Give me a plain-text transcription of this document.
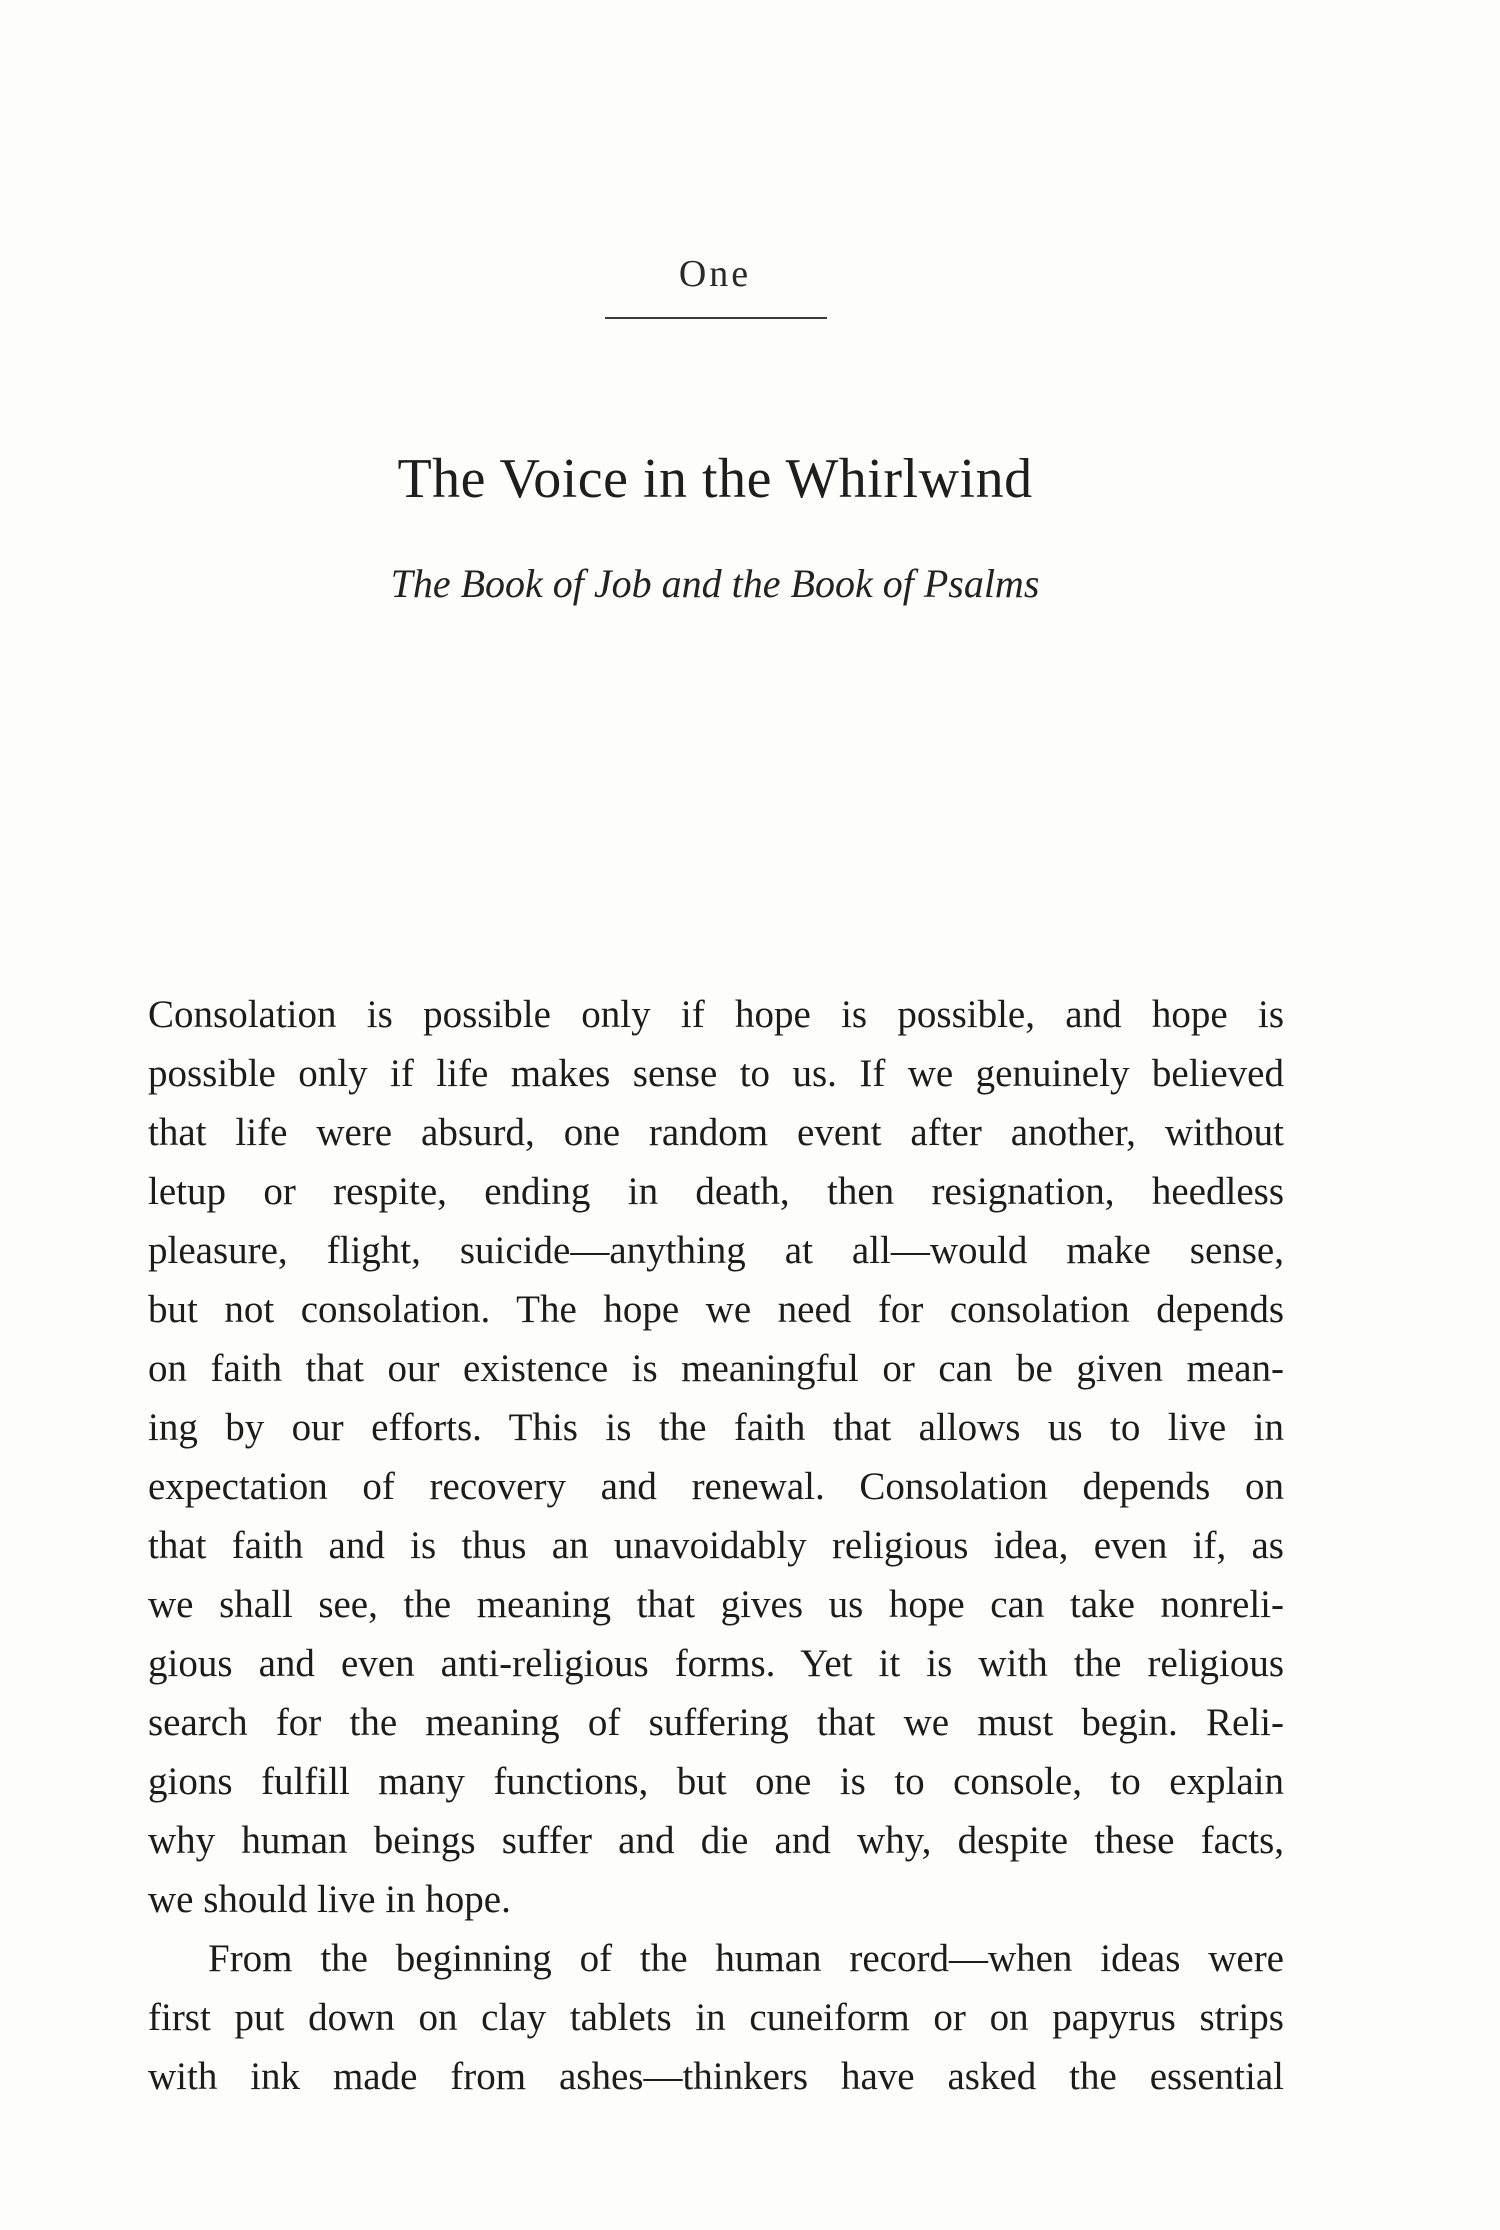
One
The Voice in the Whirlwind
The Book of Job and the Book of Psalms
Consolation is possible only if hope is possible, and hope is
possible only if life makes sense to us. If we genuinely believed
that life were absurd, one random event after another, without
letup or respite, ending in death, then resignation, heedless
pleasure, flight, suicide—anything at all—would make sense,
but not consolation. The hope we need for consolation depends
on faith that our existence is meaningful or can be given mean-
ing by our efforts. This is the faith that allows us to live in
expectation of recovery and renewal. Consolation depends on
that faith and is thus an unavoidably religious idea, even if, as
we shall see, the meaning that gives us hope can take nonreli-
gious and even anti-religious forms. Yet it is with the religious
search for the meaning of suffering that we must begin. Reli-
gions fulfill many functions, but one is to console, to explain
why human beings suffer and die and why, despite these facts,
we should live in hope.
From the beginning of the human record—when ideas were
first put down on clay tablets in cuneiform or on papyrus strips
with ink made from ashes—thinkers have asked the essential
